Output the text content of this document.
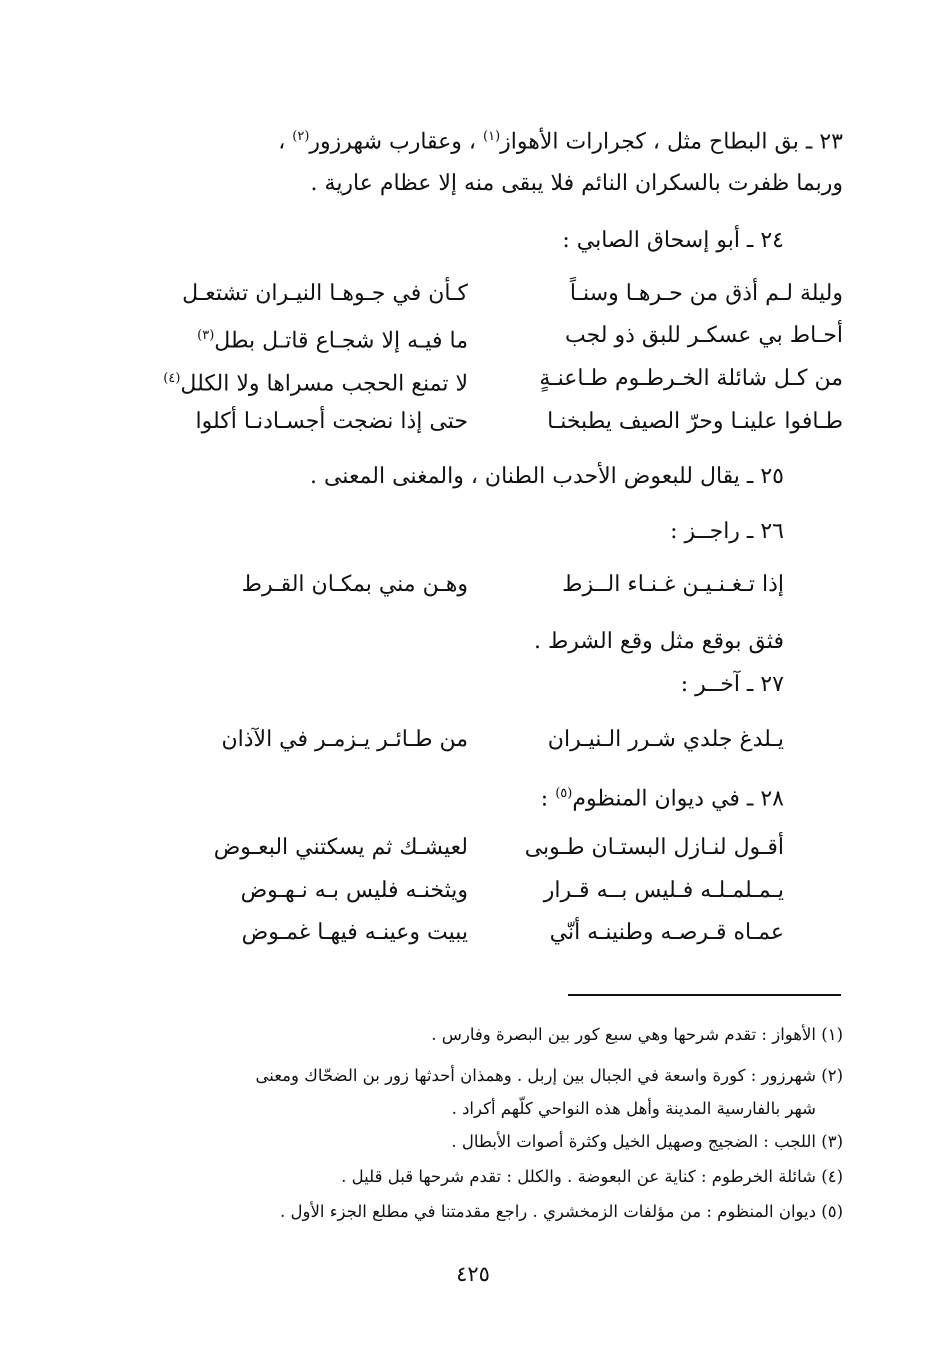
٢٣ ـ بق البطاح مثل ، كجرارات الأهواز$^{(١)}$ ، وعقارب شهرزور$^{(٢)}$ ،
وربما ظفرت بالسكران النائم فلا يبقى منه إلا عظام عارية .
٢٤ ـ أبو إسحاق الصابي :
وليلة لـم أذق من حـرهـا وسنـاً
كـأن في جـوهـا النيـران تشتعـل
أحـاط بي عسكـر للبق ذو لجب
ما فيـه إلا شجـاع قاتـل بطل$^{(٣)}$
من كـل شائلة الخـرطـوم طـاعنـةٍ
لا تمنع الحجب مسراها ولا الكلل$^{(٤)}$
طـافوا علينـا وحرّ الصيف يطبخنـا
حتى إذا نضجت أجسـادنـا أكلوا
٢٥ ـ يقال للبعوض الأحدب الطنان ، والمغنى المعنى .
٢٦ ـ راجــز :
إذا تـغـنـيـن غـنـاء الــزط
وهـن مني بمكـان القـرط
فثق بوقع مثل وقع الشرط .
٢٧ ـ آخــر :
يـلدغ جلدي شـرر الـنيـران
من طـائـر يـزمـر في الآذان
٢٨ ـ في ديوان المنظوم$^{(٥)}$ :
أقـول لنـازل البستـان طـوبى
لعيشـك ثم يسكتني البعـوض
يـمـلمـلـه فـليس بــه قـرار
ويثخنـه فليس بـه نـهـوض
عمـاه قـرصـه وطنينـه أنّي
يبيت وعينـه فيهـا غمـوض
(١) الأهواز : تقدم شرحها وهي سبع كور بين البصرة وفارس .
(٢) شهرزور : كورة واسعة في الجبال بين إربل . وهمذان أحدثها زور بن الضحّاك ومعنى
شهر بالفارسية المدينة وأهل هذه النواحي كلّهم أكراد .
(٣) اللجب : الضجيج وصهيل الخيل وكثرة أصوات الأبطال .
(٤) شائلة الخرطوم : كناية عن البعوضة . والكلل : تقدم شرحها قبل قليل .
(٥) ديوان المنظوم : من مؤلفات الزمخشري . راجع مقدمتنا في مطلع الجزء الأول .
٤٢٥
